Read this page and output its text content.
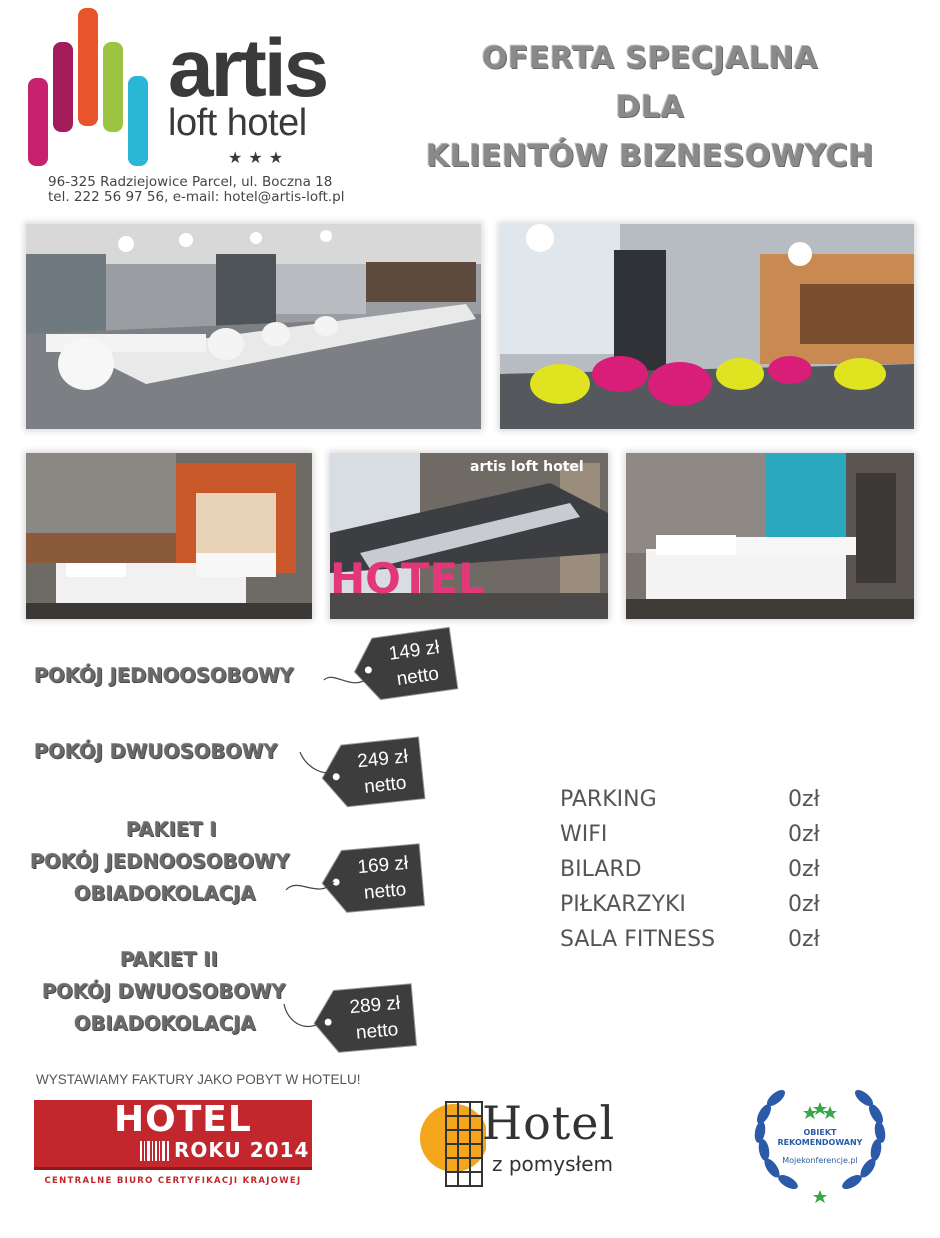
artis
loft hotel
★★★
96-325 Radziejowice Parcel, ul. Boczna 18
tel. 222 56 97 56, e-mail: hotel@artis-loft.pl
OFERTA SPECJALNA
DLA
KLIENTÓW BIZNESOWYCH
HOTEL
artis loft hotel
POKÓJ JEDNOOSOBOWY
149 zł
netto
POKÓJ DWUOSOBOWY	249 zł
netto
PAKIET I
POKÓJ JEDNOOSOBOWY
OBIADOKOLACJA
169 zł
netto
PAKIET II
POKÓJ DWUOSOBOWY
OBIADOKOLACJA
289 zł
netto
PARKING	0zł
WIFI	0zł
BILARD	0zł
PIŁKARZYKI	0zł
SALA FITNESS	0zł
WYSTAWIAMY FAKTURY JAKO POBYT W HOTELU!
HOTEL
ROKU 2014
CENTRALNE BIURO CERTYFIKACJI KRAJOWEJ
Hotel
z pomysłem
OBIEKT
REKOMENDOWANY
Mojekonferencje.pl
